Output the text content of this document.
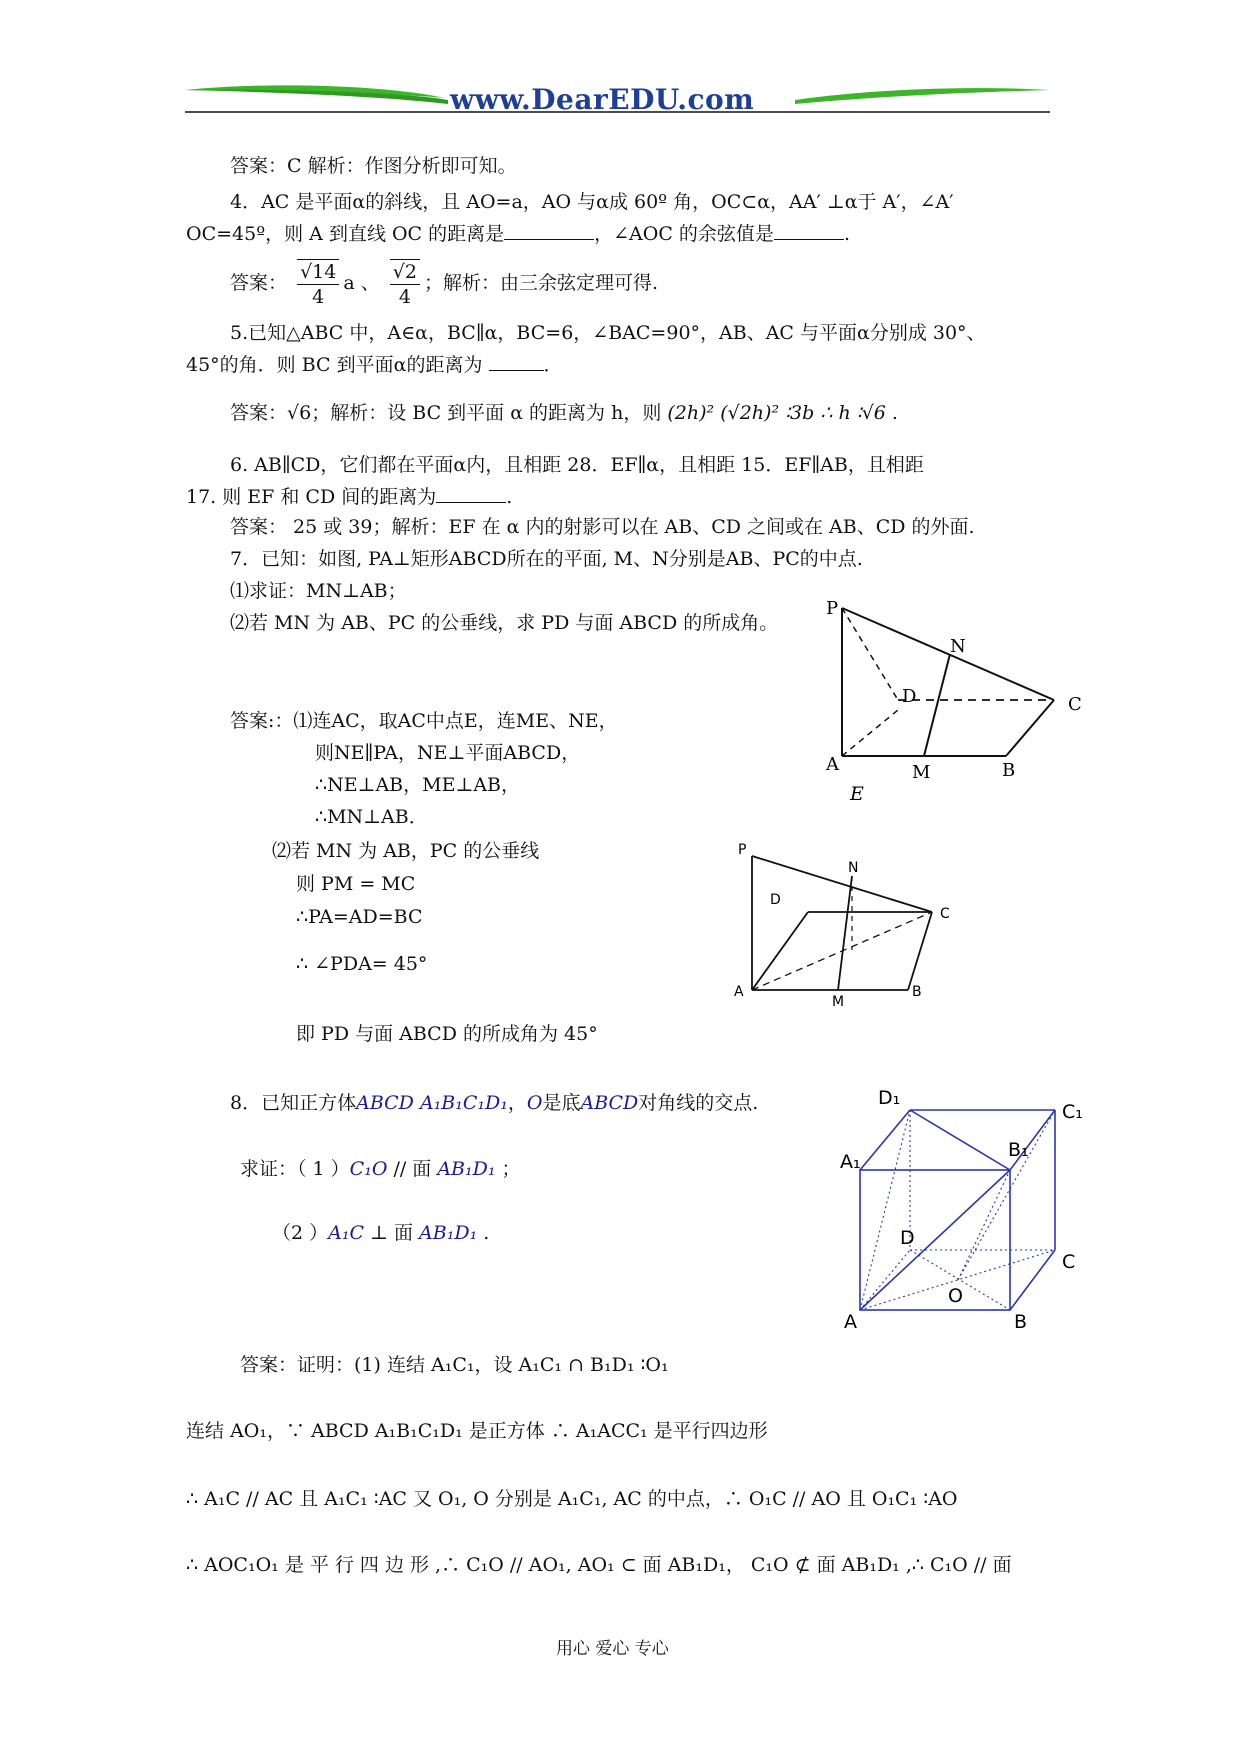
www.DearEDU.com
答案：C 解析：作图分析即可知。
4．AC 是平面α的斜线，且 AO=a，AO 与α成 60º 角，OC⊂α，AA′ ⊥α于 A′，∠A′
OC=45º，则 A 到直线 OC 的距离是	，∠AOC 的余弦值是	.
答案： $\frac{√14}{4}$ a 、 $\frac{√2}{4}$ ；解析：由三余弦定理可得.
5.已知△ABC 中，A∈α，BC∥α，BC=6，∠BAC=90°，AB、AC 与平面α分别成 30°、
45°的角．则 BC 到平面α的距离为	．
答案：√6；解析：设 BC 到平面 α 的距离为 h，则 (2h)² (√2h)² ∶3b ∴ h ∶√6 .
6. AB∥CD，它们都在平面α内，且相距 28．EF∥α，且相距 15．EF∥AB，且相距
17. 则 EF 和 CD 间的距离为	.
答案： 25 或 39；解析：EF 在 α 内的射影可以在 AB、CD 之间或在 AB、CD 的外面.
7．已知：如图, PA⊥矩形ABCD所在的平面, M、N分别是AB、PC的中点.
⑴求证：MN⊥AB；
⑵若 MN 为 AB、PC 的公垂线，求 PD 与面 ABCD 的所成角。
答案:：⑴连AC，取AC中点E，连ME、NE，
则NE∥PA，NE⊥平面ABCD，
∴NE⊥AB，ME⊥AB，
∴MN⊥AB．
⑵若 MN 为 AB，PC 的公垂线
则 PM = MC
∴PA=AD=BC
∴ ∠PDA= 45°
即 PD 与面 ABCD 的所成角为 45°
P
N
D	C
A	M	B
E
P
N
D
C
A
M
B
8．已知正方体ABCD A₁B₁C₁D₁，O是底ABCD对角线的交点.
求证：（ 1 ）C₁O // 面 AB₁D₁ ；
（2 ）A₁C ⊥ 面 AB₁D₁ .
D₁
C₁
A₁
B₁
D
C
O
A	B
答案：证明：(1) 连结 A₁C₁，设 A₁C₁ ∩ B₁D₁ ∶O₁
连结 AO₁，∵ ABCD A₁B₁C₁D₁ 是正方体 ∴ A₁ACC₁ 是平行四边形
∴ A₁C // AC 且 A₁C₁ ∶AC 又 O₁, O 分别是 A₁C₁, AC 的中点，∴ O₁C // AO 且 O₁C₁ ∶AO
∴ AOC₁O₁ 是 平 行 四 边 形 ,∴ C₁O // AO₁, AO₁ ⊂ 面 AB₁D₁， C₁O ⊄ 面 AB₁D₁ ,∴ C₁O // 面
用心 爱心 专心
